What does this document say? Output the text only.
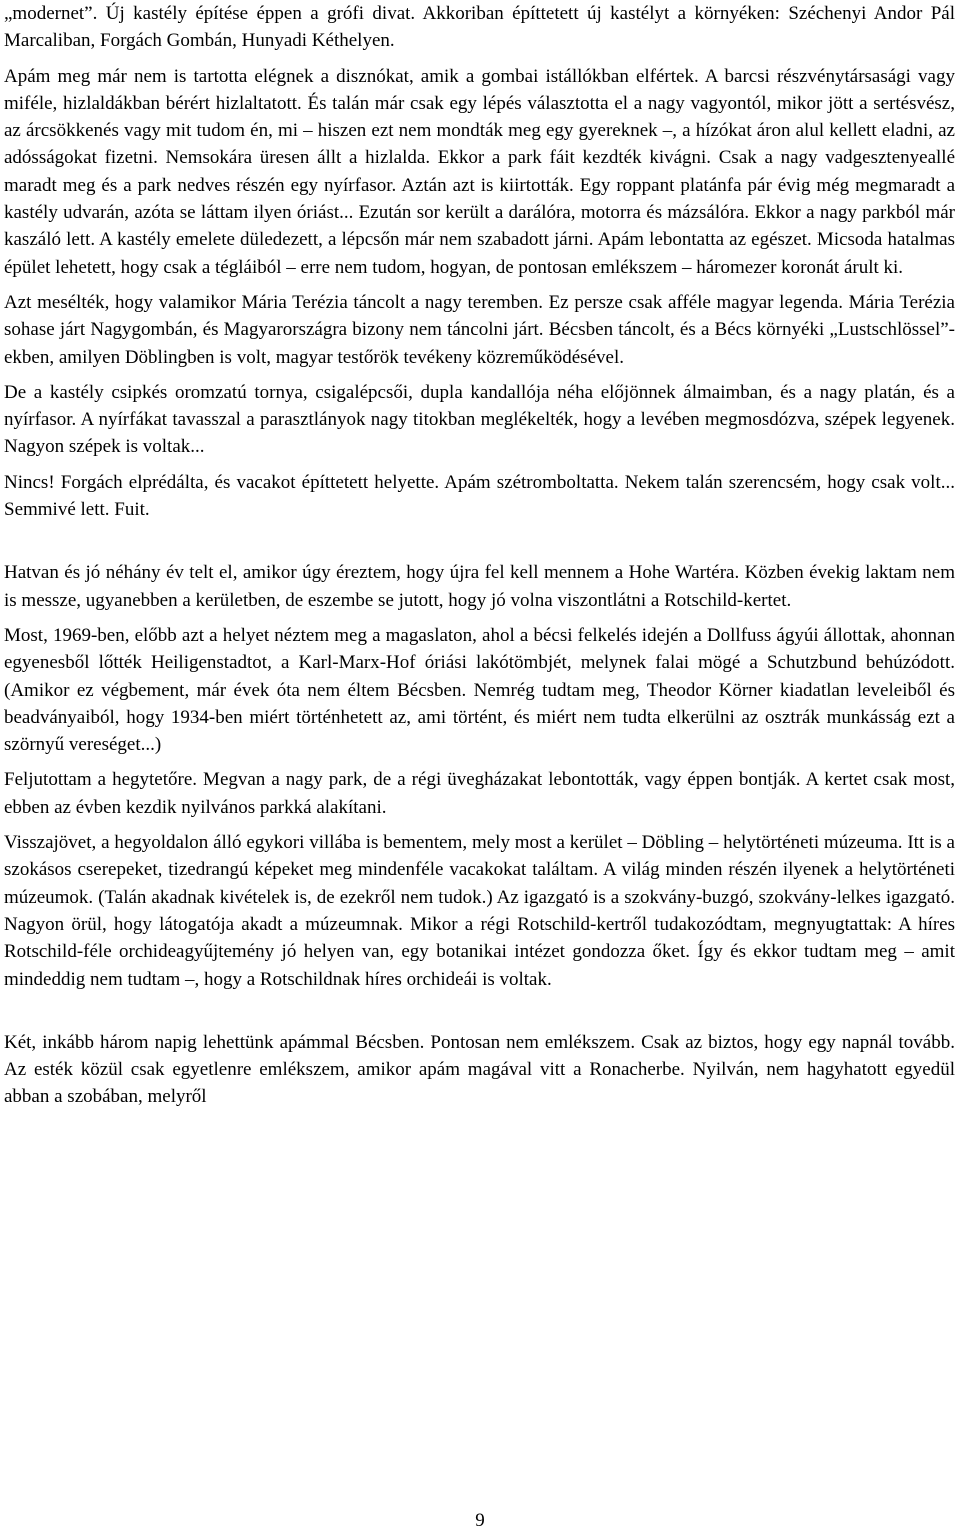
„modernet”. Új kastély építése éppen a grófi divat. Akkoriban építtetett új kastélyt a környéken: Széchenyi Andor Pál Marcaliban, Forgách Gombán, Hunyadi Kéthelyen.

Apám meg már nem is tartotta elégnek a disznókat, amik a gombai istállókban elfértek. A barcsi részvénytársasági vagy miféle, hizlaldákban bérért hizlaltatott. És talán már csak egy lépés választotta el a nagy vagyontól, mikor jött a sertésvész, az árcsökkenés vagy mit tudom én, mi – hiszen ezt nem mondták meg egy gyereknek –, a hízókat áron alul kellett eladni, az adósságokat fizetni. Nemsokára üresen állt a hizlalda. Ekkor a park fáit kezdték kivágni. Csak a nagy vadgesztenyeallé maradt meg és a park nedves részén egy nyírfasor. Aztán azt is kiirtották. Egy roppant platánfa pár évig még megmaradt a kastély udvarán, azóta se láttam ilyen óriást... Ezután sor került a darálóra, motorra és mázsálóra. Ekkor a nagy parkból már kaszáló lett. A kastély emelete düledezett, a lépcsőn már nem szabadott járni. Apám lebontatta az egészet. Micsoda hatalmas épület lehetett, hogy csak a tégláiból – erre nem tudom, hogyan, de pontosan emlékszem – háromezer koronát árult ki.

Azt mesélték, hogy valamikor Mária Terézia táncolt a nagy teremben. Ez persze csak afféle magyar legenda. Mária Terézia sohase járt Nagygombán, és Magyarországra bizony nem táncolni járt. Bécsben táncolt, és a Bécs környéki „Lustschlössel”-ekben, amilyen Döblingben is volt, magyar testőrök tevékeny közreműködésével.

De a kastély csipkés oromzatú tornya, csigalépcsői, dupla kandallója néha előjönnek álmaimban, és a nagy platán, és a nyírfasor. A nyírfákat tavasszal a parasztlányok nagy titokban meglékelték, hogy a levében megmosdózva, szépek legyenek. Nagyon szépek is voltak...

Nincs! Forgách elprédálta, és vacakot építtetett helyette. Apám szétromboltatta. Nekem talán szerencsém, hogy csak volt... Semmivé lett. Fuit.

Hatvan és jó néhány év telt el, amikor úgy éreztem, hogy újra fel kell mennem a Hohe Wartéra. Közben évekig laktam nem is messze, ugyanebben a kerületben, de eszembe se jutott, hogy jó volna viszontlátni a Rotschild-kertet.

Most, 1969-ben, előbb azt a helyet néztem meg a magaslaton, ahol a bécsi felkelés idején a Dollfuss ágyúi állottak, ahonnan egyenesből lőtték Heiligenstadtot, a Karl-Marx-Hof óriási lakótömbjét, melynek falai mögé a Schutzbund behúzódott. (Amikor ez végbement, már évek óta nem éltem Bécsben. Nemrég tudtam meg, Theodor Körner kiadatlan leveleiből és beadványaiból, hogy 1934-ben miért történhetett az, ami történt, és miért nem tudta elkerülni az osztrák munkásság ezt a szörnyű vereséget...)

Feljutottam a hegytetőre. Megvan a nagy park, de a régi üvegházakat lebontották, vagy éppen bontják. A kertet csak most, ebben az évben kezdik nyilvános parkká alakítani.

Visszajövet, a hegyoldalon álló egykori villába is bementem, mely most a kerület – Döbling – helytörténeti múzeuma. Itt is a szokásos cserepeket, tizedrangú képeket meg mindenféle vacakokat találtam. A világ minden részén ilyenek a helytörténeti múzeumok. (Talán akadnak kivételek is, de ezekről nem tudok.) Az igazgató is a szokvány-buzgó, szokvány-lelkes igazgató. Nagyon örül, hogy látogatója akadt a múzeumnak. Mikor a régi Rotschild-kertről tudakozódtam, megnyugtattak: A híres Rotschild-féle orchideagyűjtemény jó helyen van, egy botanikai intézet gondozza őket. Így és ekkor tudtam meg – amit mindeddig nem tudtam –, hogy a Rotschildnak híres orchideái is voltak.

Két, inkább három napig lehettünk apámmal Bécsben. Pontosan nem emlékszem. Csak az biztos, hogy egy napnál tovább. Az esték közül csak egyetlenre emlékszem, amikor apám magával vitt a Ronacherbe. Nyilván, nem hagyhatott egyedül abban a szobában, melyről

9
